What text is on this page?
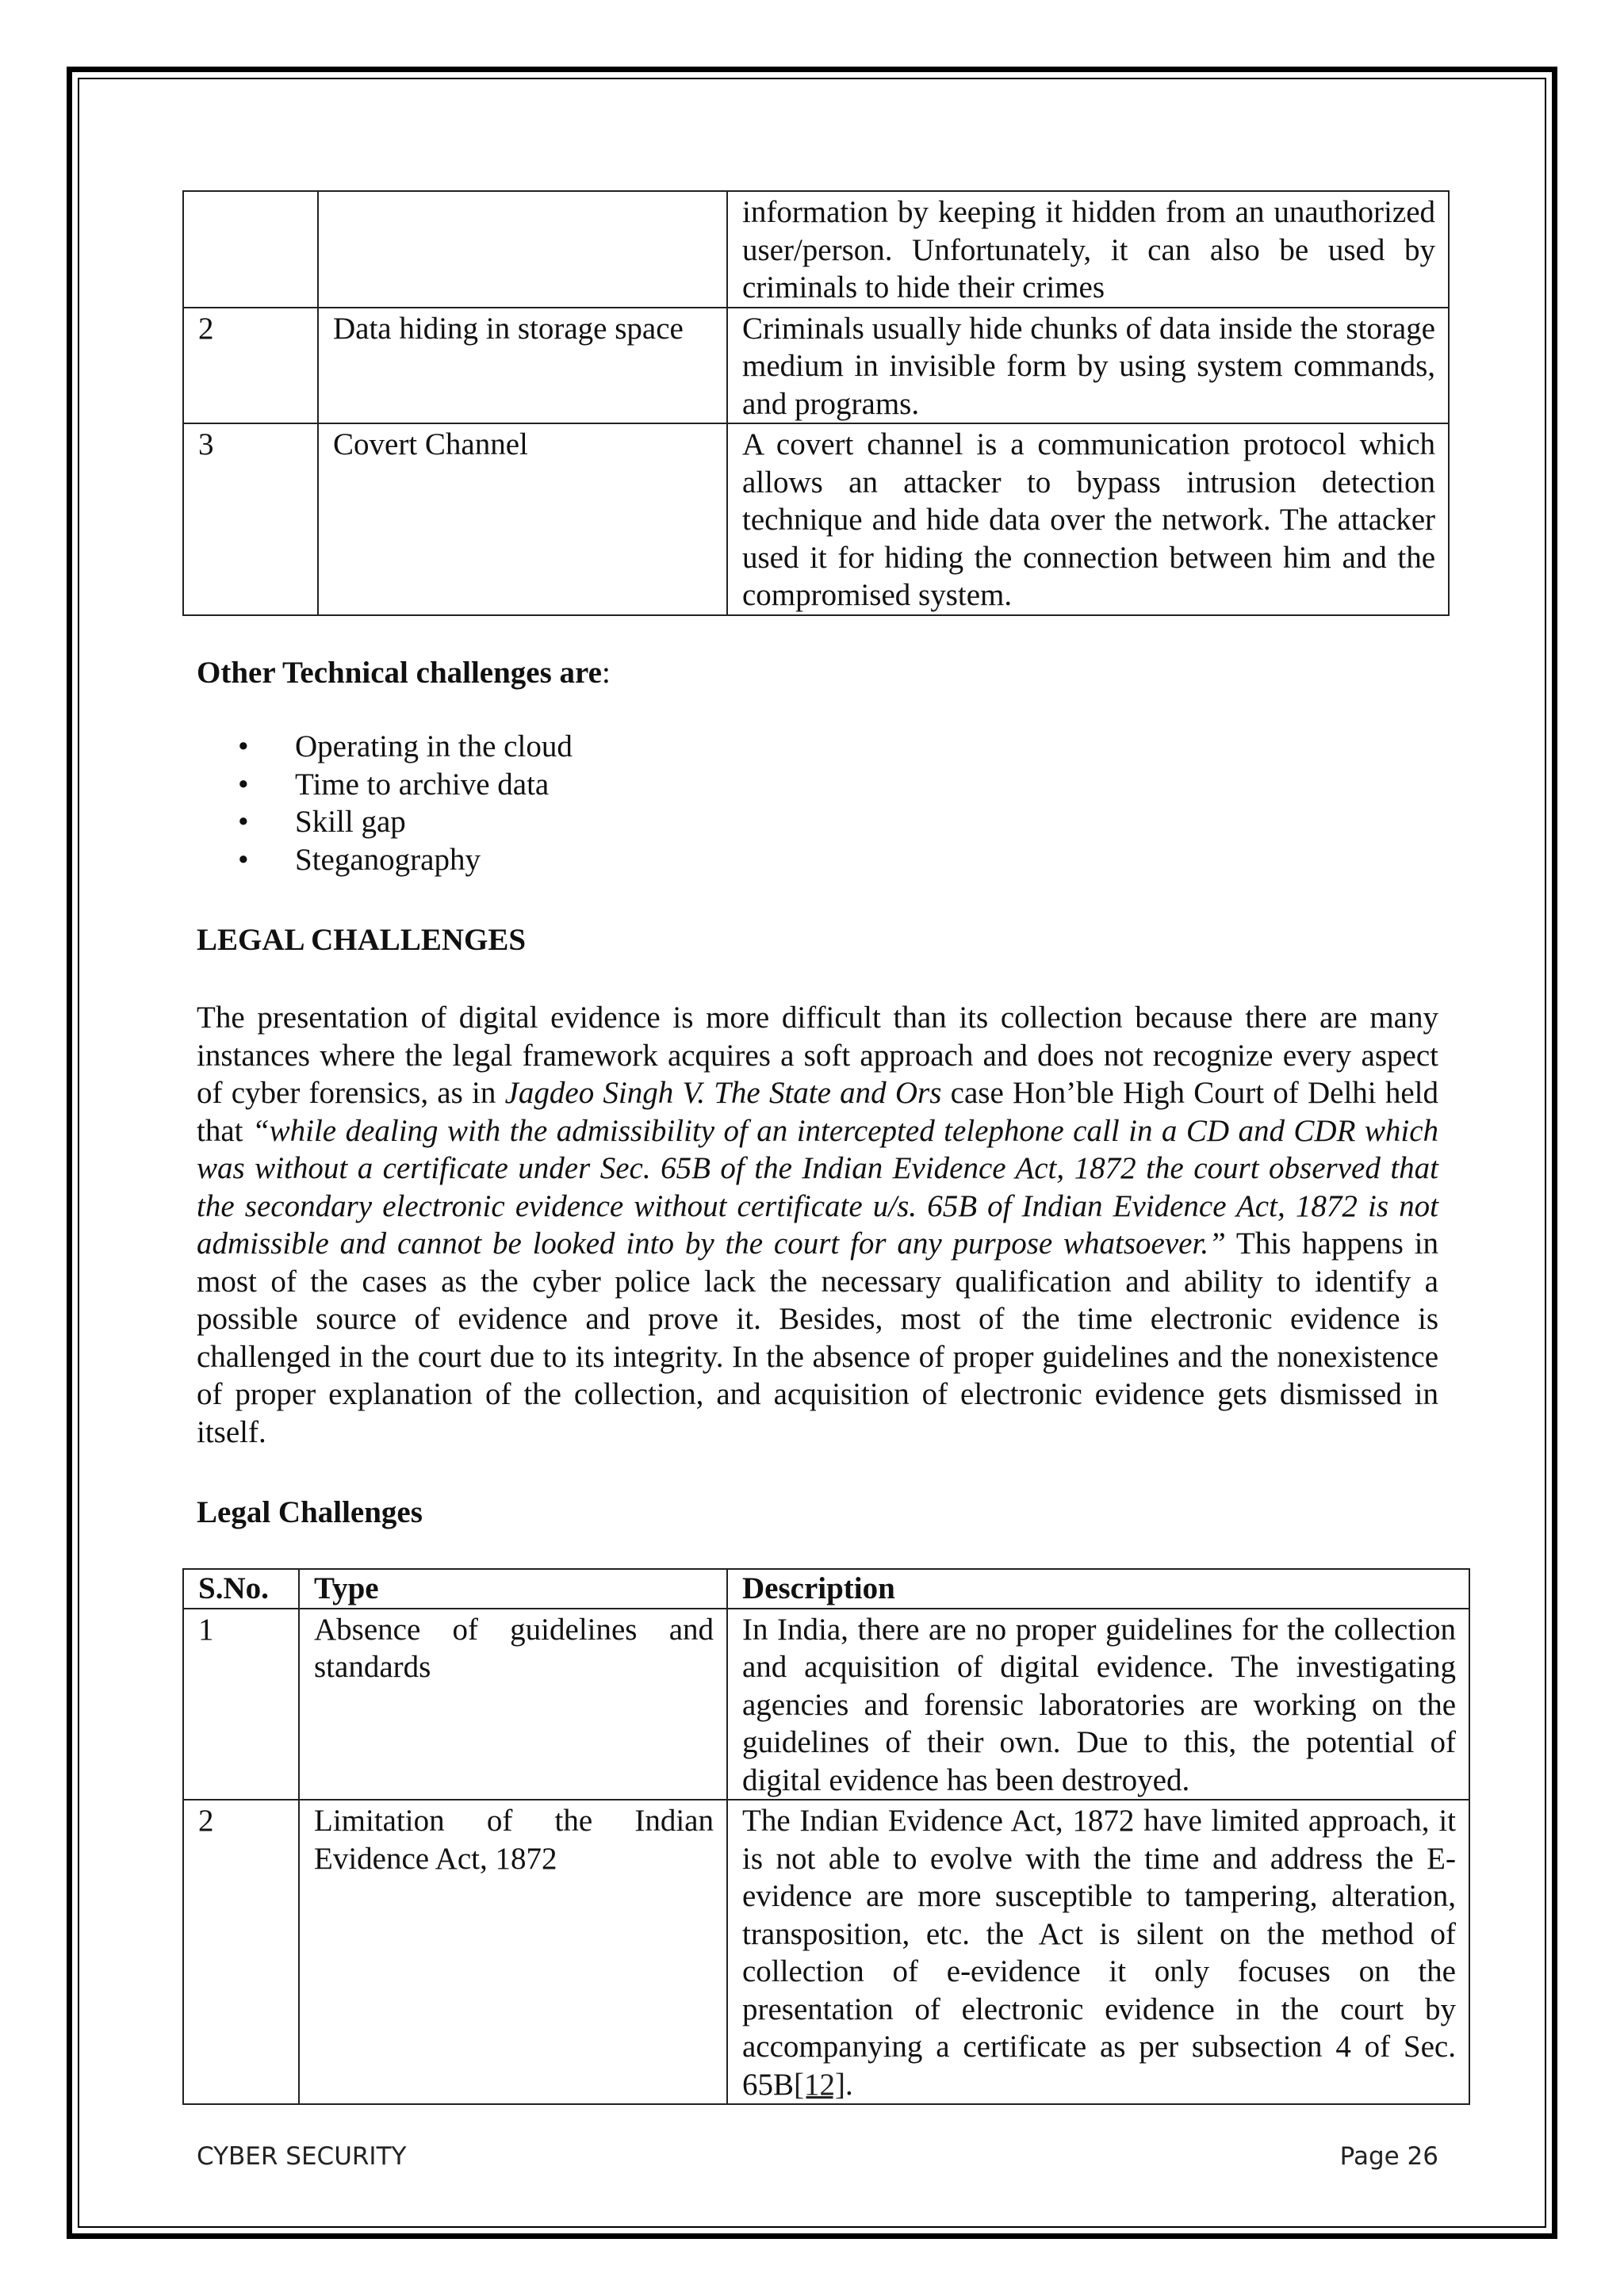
		information by keeping it hidden from an unauthorized user/person. Unfortunately, it can also be used by criminals to hide their crimes
2	Data hiding in storage space	Criminals usually hide chunks of data inside the storage medium in invisible form by using system commands, and programs.
3	Covert Channel	A covert channel is a communication protocol which allows an attacker to bypass intrusion detection technique and hide data over the network. The attacker used it for hiding the connection between him and the compromised system.
Other Technical challenges are:
• Operating in the cloud
• Time to archive data
• Skill gap
• Steganography
LEGAL CHALLENGES
The presentation of digital evidence is more difficult than its collection because there are many instances where the legal framework acquires a soft approach and does not recognize every aspect of cyber forensics, as in Jagdeo Singh V. The State and Ors case Hon’ble High Court of Delhi held that “while dealing with the admissibility of an intercepted telephone call in a CD and CDR which was without a certificate under Sec. 65B of the Indian Evidence Act, 1872 the court observed that the secondary electronic evidence without certificate u/s. 65B of Indian Evidence Act, 1872 is not admissible and cannot be looked into by the court for any purpose whatsoever.” This happens in most of the cases as the cyber police lack the necessary qualification and ability to identify a possible source of evidence and prove it. Besides, most of the time electronic evidence is challenged in the court due to its integrity. In the absence of proper guidelines and the nonexistence of proper explanation of the collection, and acquisition of electronic evidence gets dismissed in itself.
Legal Challenges
S.No.	Type	Description
1	Absence of guidelines and standards	In India, there are no proper guidelines for the collection and acquisition of digital evidence. The investigating agencies and forensic laboratories are working on the guidelines of their own. Due to this, the potential of digital evidence has been destroyed.
2	Limitation of the Indian Evidence Act, 1872	The Indian Evidence Act, 1872 have limited approach, it is not able to evolve with the time and address the E-evidence are more susceptible to tampering, alteration, transposition, etc. the Act is silent on the method of collection of e-evidence it only focuses on the presentation of electronic evidence in the court by accompanying a certificate as per subsection 4 of Sec. 65B[12].
CYBER SECURITY	Page 26
